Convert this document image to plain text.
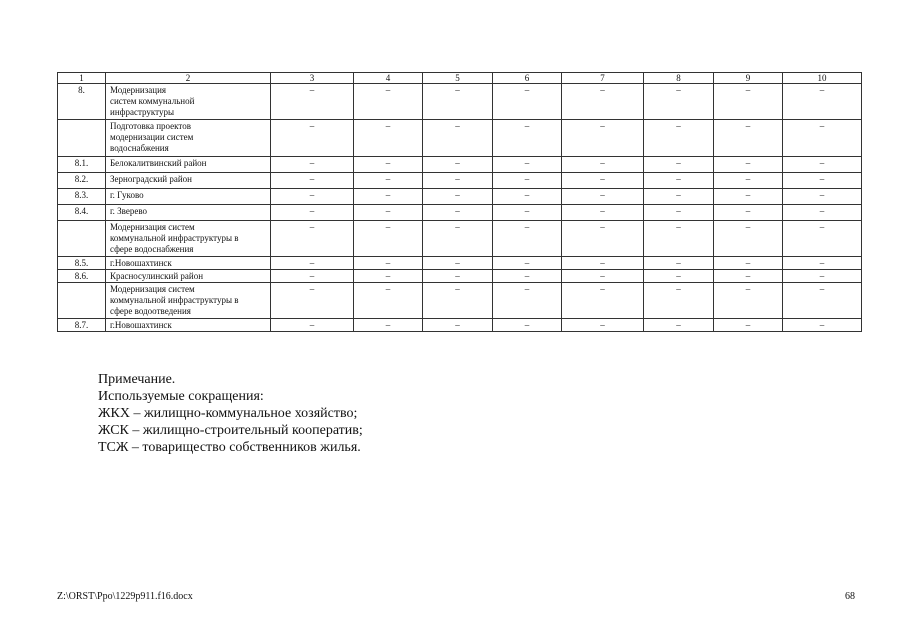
1	2	3	4	5	6	7	8	9	10
8.	Модернизация
систем коммунальной
инфраструктуры	–	–	–	–	–	–	–	–
	Подготовка проектов
модернизации систем
водоснабжения	–	–	–	–	–	–	–	–
8.1.	Белокалитвинский район	–	–	–	–	–	–	–	–
8.2.	Зерноградский район	–	–	–	–	–	–	–	–
8.3.	г. Гуково	–	–	–	–	–	–	–	–
8.4.	г. Зверево	–	–	–	–	–	–	–	–
	Модернизация систем
коммунальной инфраструктуры в
сфере водоснабжения	–	–	–	–	–	–	–	–
8.5.	г.Новошахтинск	–	–	–	–	–	–	–	–
8.6.	Красносулинский район	–	–	–	–	–	–	–	–
	Модернизация систем
коммунальной инфраструктуры в
сфере водоотведения	–	–	–	–	–	–	–	–
8.7.	г.Новошахтинск	–	–	–	–	–	–	–	–
Примечание.
Используемые сокращения:
ЖКХ – жилищно-коммунальное хозяйство;
ЖСК – жилищно-строительный кооператив;
ТСЖ – товарищество собственников жилья.
Z:\ORST\Ppo\1229p911.f16.docx	68
